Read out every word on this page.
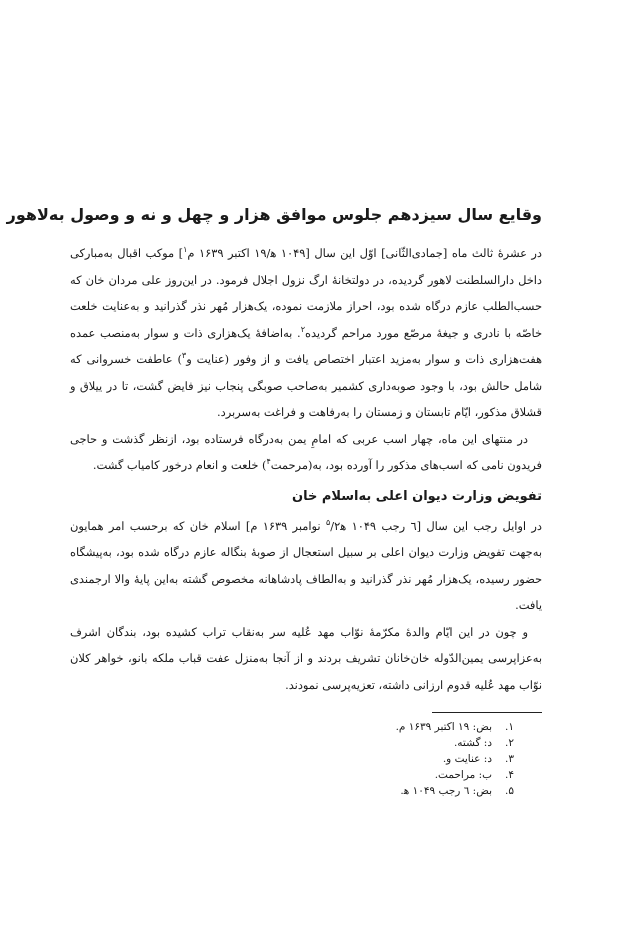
وقایع سال سیزدهم جلوس موافق هزار و چهل و نه و وصول به‌لاهور

در عشرهٔ ثالث ماه [جمادی‌الثّانی] اوّل این سال [۱۰۴۹ ه‍/۱۹ اکتبر ۱۶۳۹ م$^۱$] موکب اقبال به‌مبارکی داخل دارالسلطنت لاهور گردیده، در دولتخانهٔ ارگ نزول اجلال فرمود. در این‌روز علی مردان خان که حسب‌الطلب عازم درگاه شده بود، احراز ملازمت نموده، یک‌هزار مُهر نذر گذرانید و به‌عنایت خلعت خاصّه با نادری و جیغهٔ مرصّع مورد مراحم گردیده$^۲$. به‌اضافهٔ یک‌هزاری ذات و سوار به‌منصب عمده هفت‌هزاری ذات و سوار به‌مزید اعتبار اختصاص یافت و از وفور (عنایت و$^۳$) عاطفت خسروانی که شامل حالش بود، با وجود صوبه‌داری کشمیر به‌صاحب صوبگی پنجاب نیز فایض گشت، تا در ییلاق و قشلاق مذکور، ایّام تابستان و زمستان را به‌رفاهت و فراغت به‌سربرد.

در منتهای این ماه، چهار اسب عربی که امامِ یمن به‌درگاه فرستاده بود، ازنظر گذشت و حاجی فریدون نامی که اسب‌های مذکور را آورده بود، به(مرحمت$^۴$) خلعت و انعام درخور کامیاب گشت.

تفویض وزارت دیوان اعلی به‌اسلام خان

در اوایل رجب این سال [٦ رجب ۱۰۴۹ ه‍$^۵$/۲ نوامبر ۱۶۳۹ م] اسلام خان که برحسب امر همایون به‌جهت تفویض وزارت دیوان اعلی بر سبیل استعجال از صوبهٔ بنگاله عازم درگاه شده بود، به‌پیشگاه حضور رسیده، یک‌هزار مُهر نذر گذرانید و به‌الطاف پادشاهانه مخصوص گشته به‌این پایهٔ والا ارجمندی یافت.

و چون در این ایّام والدهٔ مکرّمهٔ نوّاب مهد عُلیه سر به‌نقاب تراب کشیده بود، بندگان اشرف به‌عزاپرسی یمین‌الدّوله خان‌خانان تشریف بردند و از آنجا به‌منزل عفت قباب ملکه بانو، خواهر کلان نوّاب مهد عُلیه قدوم ارزانی داشته، تعزیه‌پرسی نمودند.

۱.
بض: ۱۹ اکتبر ۱۶۳۹ م.
۲.
د: گشته.
۳.
د: عنایت و.
۴.
ب: مراحمت.
۵.
بض: ٦ رجب ۱۰۴۹ ه‍.
